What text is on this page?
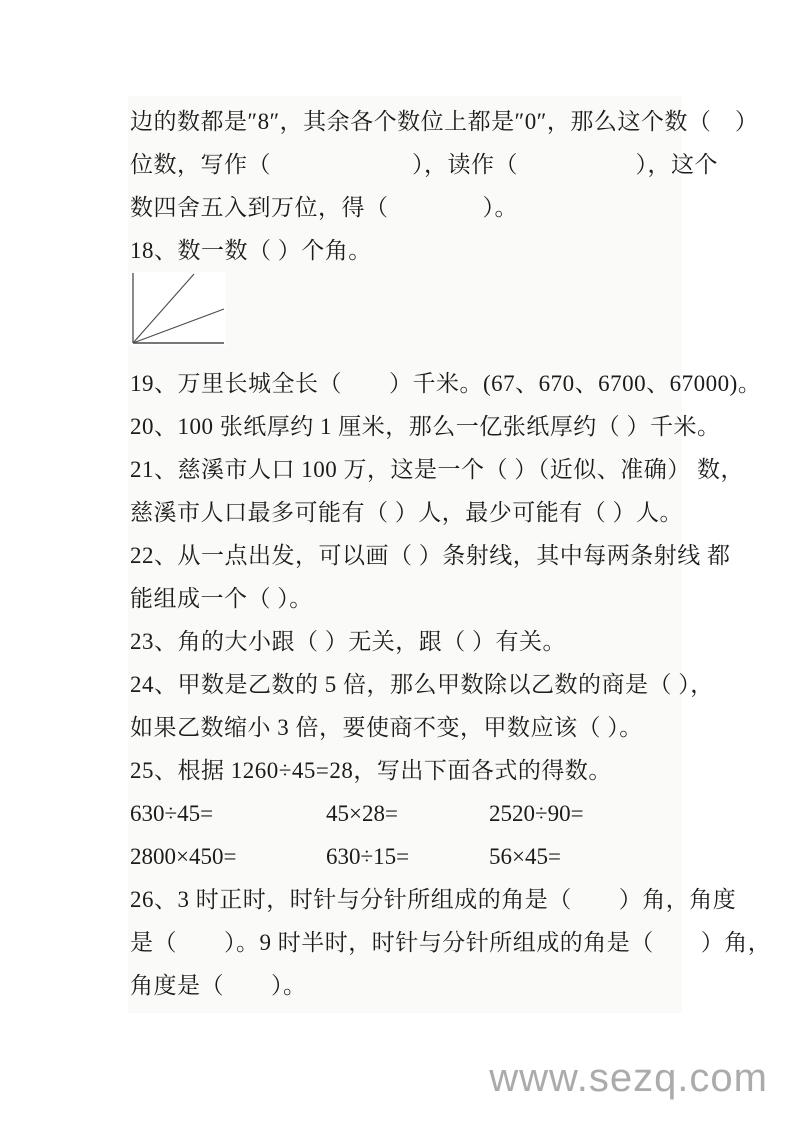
边的数都是″8″，其余各个数位上都是″0″，那么这个数（　）
位数，写作（　　　　　　），读作（　　　　　），这个
数四舍五入到万位，得（　　　　）。
18、数一数（ ）个角。
19、万里长城全长（　　）千米。(67、670、6700、67000)。
20、100 张纸厚约 1 厘米，那么一亿张纸厚约（ ）千米。
21、慈溪市人口 100 万，这是一个（ ）（近似、准确） 数，
慈溪市人口最多可能有（ ）人，最少可能有（ ）人。
22、从一点出发，可以画（ ）条射线，其中每两条射线 都
能组成一个（ ）。
23、角的大小跟（ ）无关，跟（ ）有关。
24、甲数是乙数的 5 倍，那么甲数除以乙数的商是（ ），
如果乙数缩小 3 倍，要使商不变，甲数应该（ ）。
25、根据 1260÷45=28，写出下面各式的得数。
630÷45=	45×28=	2520÷90=
2800×450=	630÷15=	56×45=
26、3 时正时，时针与分针所组成的角是（　　）角，角度
是（　　）。9 时半时，时针与分针所组成的角是（　　）角，
角度是（　　）。
www.sezq.com
